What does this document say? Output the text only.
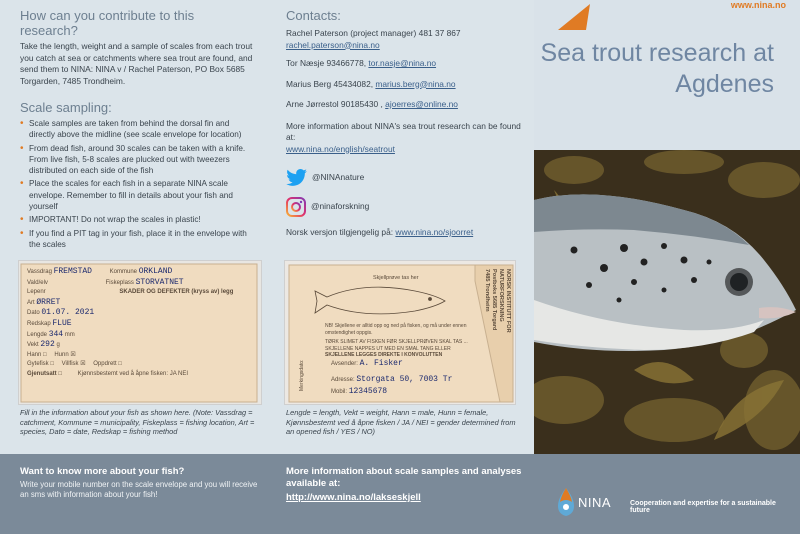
How can you contribute to this research?

Take the length, weight and a sample of scales from each trout you catch at sea or catchments where sea trout are found, and send them to NINA: NINA v / Rachel Paterson, PO Box 5685 Torgarden, 7485 Trondheim.

Scale sampling:
• Scale samples are taken from behind the dorsal fin and directly above the midline (see scale envelope for location)
• From dead fish, around 30 scales can be taken with a knife. From live fish, 5-8 scales are plucked out with tweezers distributed on each side of the fish
• Place the scales for each fish in a separate NINA scale envelope. Remember to fill in details about your fish and yourself
• IMPORTANT! Do not wrap the scales in plastic!
• If you find a PIT tag in your fish, place it in the envelope with the scales
Vassdrag FREMSTAD	Kommune ORKLAND
Vald/elv	Fiskeplass STORVATNET
Lepenr	SKADER OG DEFEKTER (kryss av) legg
Art ØRRET
Dato 01.07. 2021
Redskap FLUE
Lengde 344 mm
Vekt 292 g
Hann □ Hunn ☒
Gytefisk □ Villfisk ☒ Oppdrett □
Gjenutsatt □ Kjønnsbestemt ved å åpne fisken: JA NEI
Fill in the information about your fish as shown here. (Note: Vassdrag = catchment, Kommune = municipality, Fiskeplass = fishing location, Art = species, Dato = date, Redskap = fishing method
Contacts:
Rachel Paterson (project manager) 481 37 867
rachel.paterson@nina.no
Tor Næsje 93466778, tor.nasje@nina.no
Marius Berg 45434082, marius.berg@nina.no
Arne Jørrestol 90185430 , ajoerres@online.no
More information about NINA's sea trout research can be found at:
www.nina.no/english/seatrout
@NINAnature
@ninaforskning
Norsk versjon tilgjengelig på: www.nina.no/sjoorret
Skjellprøve tas her	NORSK INSTITUTT FOR
NATURFORSKNING
Postboks 5685 Torgard
7485 Trondheim
Merkingsdato:
NB! Skjellene er alltid opp og ned på fisken, og må under ennen omstendighet oppgis.
TØRK SLIMET AV FISKEN FØR SKJELLPRØVEN SKAL TAS ... SKJELLENE NAPPES UT MED EN SMAL TANG ELLER
SKJELLENE LEGGES DIREKTE I KONVOLUTTEN
Avsender: A. Fisker
Adresse: Storgata 50, 7003 Tr
Mobil: 12345678
Lengde = length, Vekt = weight, Hann = male, Hunn = female, Kjønnsbestemt ved å åpne fisken / JA / NEI = gender determined from an opened fish / YES / NO)
www.nina.no
Sea trout research at Agdenes
Want to know more about your fish?
Write your mobile number on the scale envelope and you will receive an sms with information about your fish!
More information about scale samples and analyses available at:
http://www.nina.no/lakseskjell	NINA	Cooperation and expertise for a sustainable future
